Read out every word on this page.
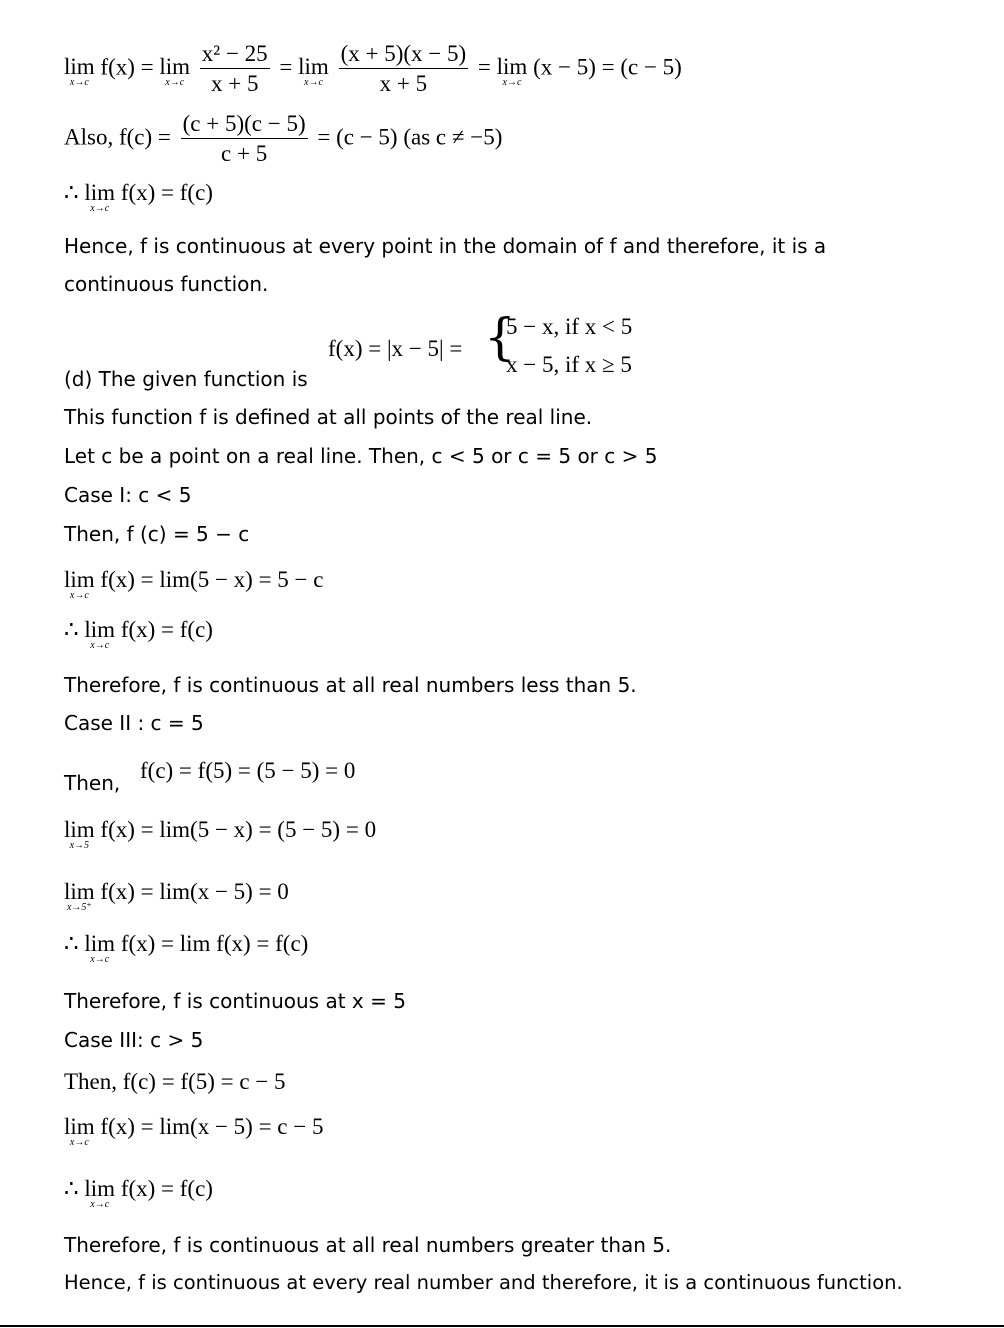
lim
x→c
f(x) = lim
x→c
$\frac{\text{x² − 25}}{x + 5} = \lim$
x→c
$\frac{(x + 5)(x - 5)}{x + 5} = \lim$
x→c
(x − 5) = (c − 5)
Also, $f(c) = \frac{(c + 5)(c - 5)}{c + 5} = (c - 5)$ (as c ≠ −5)
∴ lim
x→c
f(x) = f(c)
Hence, f is continuous at every point in the domain of f and therefore, it is a
continuous function.
f(x) = |x − 5| = {
5 − x, if x < 5
x − 5, if x ≥ 5
(d) The given function is
This function f is defined at all points of the real line.
Let c be a point on a real line. Then, c < 5 or c = 5 or c > 5
Case I: c < 5
Then, f (c) = 5 − c
lim
x→c
f(x) = lim(5 − x) = 5 − c
∴ lim
x→c
f(x) = f(c)
Therefore, f is continuous at all real numbers less than 5.
Case II : c = 5
Then, f(c) = f(5) = (5 − 5) = 0
lim
x→5
f(x) = lim(5 − x) = (5 − 5) = 0
lim
x→5⁺
f(x) = lim(x − 5) = 0
∴ lim
x→c
f(x) = lim f(x) = f(c)
Therefore, f is continuous at x = 5
Case III: c > 5
Then, f(c) = f(5) = c − 5
lim
x→c
f(x) = lim(x − 5) = c − 5
∴ lim
x→c
f(x) = f(c)
Therefore, f is continuous at all real numbers greater than 5.
Hence, f is continuous at every real number and therefore, it is a continuous function.
